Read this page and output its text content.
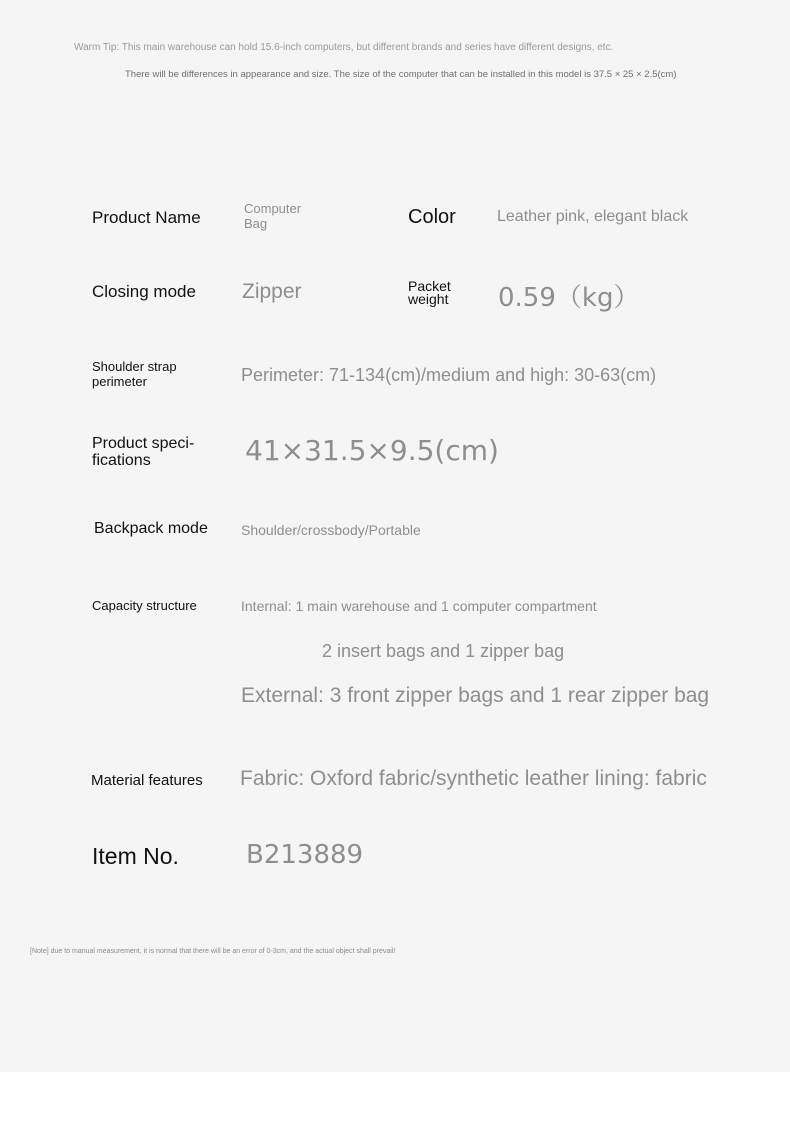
Warm Tip: This main warehouse can hold 15.6-inch computers, but different brands and series have different designs, etc.
There will be differences in appearance and size. The size of the computer that can be installed in this model is 37.5 × 25 × 2.5(cm)
Product Name	Computer Bag	Color	Leather pink, elegant black
Closing mode Zipper	Packet weight	0.59（kg）
Shoulder strap perimeter	Perimeter: 71-134(cm)/medium and high: 30-63(cm)
Product speci-fications	41×31.5×9.5(cm)
Backpack mode Shoulder/crossbody/Portable
Capacity structure	Internal: 1 main warehouse and 1 computer compartment
2 insert bags and 1 zipper bag
External: 3 front zipper bags and 1 rear zipper bag
Material features Fabric: Oxford fabric/synthetic leather lining: fabric
Item No.	B213889
[Note] due to manual measurement, it is normal that there will be an error of 0-3cm, and the actual object shall prevail!
